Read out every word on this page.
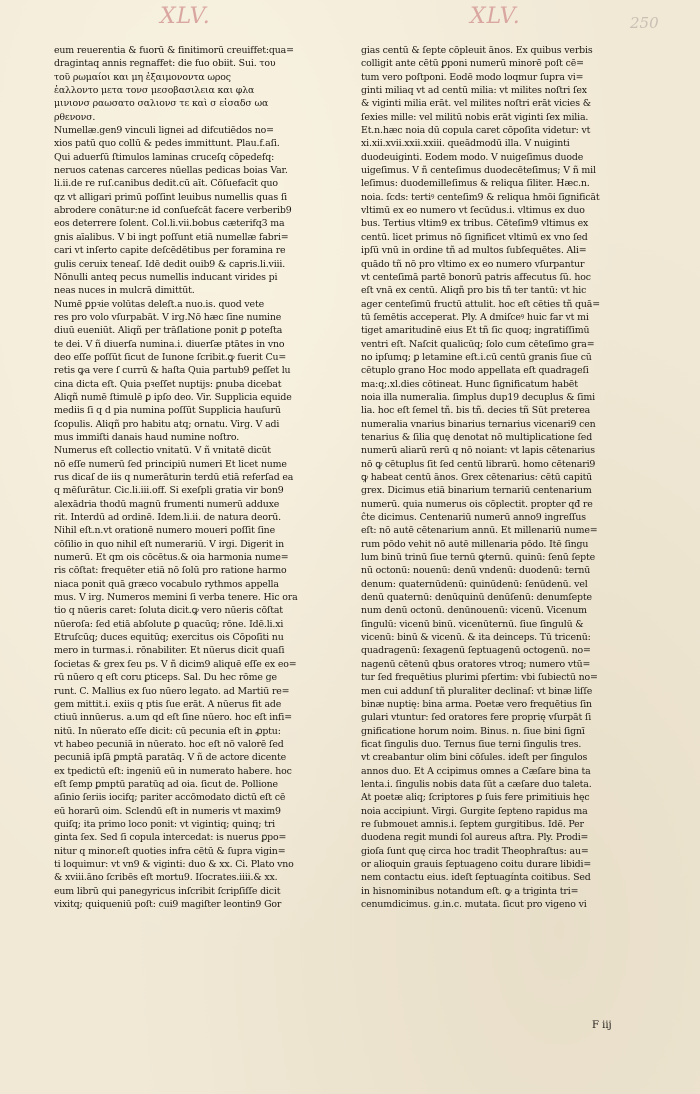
XLV.	XLV.	250
eum reuerentia & fuorū & finitimorū creuiffet:qua=
dragintaq annis regnaffet: die fuo obiit. Sui. του
τοῦ ρωμαίοι και μη ἐξαιμονοντα ωρος
ἐαλλοντο μετα τονσ μεσοβασιλεια και φλα
μινιονσ ραωσατο σαλιονσ τε καὶ σ εἰσαδσ ωα
ρθενονσ.
Numellæ.gen9 vinculi lignei ad difcutiēdos no=
xios patū quo collū & pedes immittunt. Plau.f.aſi.
Qui aduerſū ſtimulos laminas cruceſq cōpedefq:
neruos catenas carceres nūellas pedicas boias Var.
li.ii.de re ruſ.canibus dedit.cū aīt. Cōſuefacīt quo
qz vt alligari primū poſſint leuibus numellis quas ſi
abrodere conātur:ne id conſuefcāt facere verberib9
eos deterrere ſolent. Col.li.vii.bobus cæterifq3 ma
gnis aīalibus. V bi ingt poſſunt etiā numellæ fabri=
cari vt inſerto capite deſcēdētibus per foramina re
gulis ceruix teneaſ. Idē dedit ouib9 & capris.li.viii.
Nōnulli anteq pecus numellis inducant virides pi
neas nuces in mulcrā dimittūt.
Numē ꝑpꝛie volūtas deleſt.a nuo.is. quod vete
res pro volo vſurpabāt. V irg.Nō hæc ſine numine
diuū eueniūt. Aliqñ per trāſlatione ponit ꝑ poteſta
te dei. V ñ diuerſa numina.i. diuerſæ ptātes in vno
deo eſſe poſſūt ſicut de Iunone ſcribit.ꝙ fuerit Cu=
retis ꝙa vere ſ currū & haſta Quia partub9 ꝑeſſet lu
cina dicta eſt. Quia pꝛeſſet nuptijs: ꝑnuba dicebat
Aliqñ numē ſtimulē ꝑ ipſo deo. Vir. Supplicia equide
mediis ſi q d pia numina poſſūt Supplicia hauſurū
ſcopulis. Aliqñ pro habitu atq; ornatu. Virg. V adi
mus immiſti danais haud numine noſtro.
Numerus eſt collectio vnitatū. V ñ vnitatē dicūt
nō eſſe numerū ſed principiū numeri Et licet nume
rus dicaſ de iis q numerāturin terdū etiā referſad ea
q mēſurātur. Cic.li.iii.off. Si exeſpli gratia vir bon9
alexādria thodū magnū frumenti numerū adduxe
rit. Interdū ad ordinē. Idem.li.ii. de natura deorū.
Nihil eſt.n.vt orationē numero moueri poſſit ſine
cōſilio in quo nihil eſt numerariū. V irgi. Digerit in
numerū. Et qm ois cōcētus.& oia harmonia nume=
ris cōſtat: frequēter etiā nō ſolū pro ratione harmo
niaca ponit quā græco vocabulo rythmos appella
mus. V irg. Numeros memini ſi verba tenere. Hic ora
tio q nūeris caret: ſoluta dicit.ꝙ vero nūeris cōſtat
nūeroſa: ſed etiā abſolute ꝑ quacūq; rōne. Idē.li.xi
Etruſcūq; duces equitūq; exercitus ois Cōpoſiti nu
mero in turmas.i. rōnabiliter. Et nūerus dicit quaſi
ſocietas & grex ſeu ps. V ñ dicim9 aliquē eſſe ex eo=
rū nūero q eſt coru ꝑticeps. Sal. Du hec rōme ge
runt. C. Mallius ex ſuo nūero legato. ad Martiū re=
gem mittit.i. exiis q ptis ſue erāt. A nūerus fit ade
ctiuū innūerus. a.um qd eſt ſine nūero. hoc eſt infi=
nitū. In nūerato eſſe dicit: cū pecunia eſt in ꝓptu:
vt habeo pecuniā in nūerato. hoc eſt nō valorē ſed
pecuniā ipſā ꝑmptā paratāq. V ñ de actore dicente
ex tpedictū eſt: ingeniū eū in numerato habere. hoc
eſt ſemp ꝑmptū paratūq ad oia. ſicut de. Pollione
aſinio ſeriis iocifq; pariter accōmodato dictū eſt cē
eū horarū oim. Sclendū eſt in numeris vt maxim9
quiſq; ita primo loco ponit: vt vigintiq; quinq; tri
ginta ſex. Sed ſi copula intercedat: is nuerus ꝑpo=
nitur q minor.eſt quoties infra cētū & ſupra vigin=
ti loquimur: vt vn9 & viginti: duo & xx. Ci. Plato vno
& xviii.āno ſcribēs eſt mortu9. Iſocrates.iiii.& xx.
eum librū qui panegyricus inſcribit ſcripſiſſe dicit
vixitq; quiqueniū poſt: cui9 magiſter leontin9 Gor
gias centū & ſepte cōpleuit ānos. Ex quibus verbis
colligit ante cētū ꝑponi numerū minorē poſt cē=
tum vero poſtponi. Eodē modo loqmur ſupra vi=
ginti miliaq vt ad centū milia: vt milites noſtri ſex
& viginti milia erāt. vel milites noſtri erāt vicies &
ſexies mille: vel militū nobis erāt viginti ſex milia.
Et.n.hæc noia dū copula caret cōpoſita videtur: vt
xi.xii.xvii.xxii.xxiii. queādmodū illa. V nuiginti
duodeuiginti. Eodem modo. V nuigeſimus duode
uigeſimus. V ñ centeſimus duodecēteſimus; V ñ mil
leſimus: duodemilleſimus & reliqua ſiliter. Hæc.n.
noia. ſcds: tertiꝰ centeſim9 & reliqua hmōi ſignificāt
vltimū ex eo numero vt ſecūdus.i. vltimus ex duo
bus. Tertius vltim9 ex tribus. Cēteſim9 vltimus ex
centū. licet primus nō ſignificet vltimū ex vno ſed
ipſū vnū in ordine tñ ad multos ſubſequētes. Ali=
quādo tñ nō pro vltimo ex eo numero vſurpantur
vt centeſimā partē bonorū patris affecutus ſū. hoc
eſt vnā ex centū. Aliqñ pro bis tñ ter tantū: vt hic
ager centeſimū fructū attulit. hoc eſt cēties tñ quā=
tū ſemētis acceperat. Ply. A dmiſceꝰ huic far vt mi
tiget amaritudinē eius Et tñ ſic quoq; ingratiſſimū
ventri eſt. Naſcit qualicūq; ſolo cum cēteſimo gra=
no ipſumq; ꝑ letamine eſt.i.cū centū granis ſiue cū
cētuplo grano Hoc modo appellata eſt quadrageſi
ma:q;.xl.dies cōtineat. Hunc ſignificatum habēt
noia illa numeralia. ſimplus dup19 decuplus & ſimi
lia. hoc eſt ſemel tñ. bis tñ. decies tñ Sūt preterea
numeralia vnarius binarius ternarius vicenari9 cen
tenarius & ſilia quę denotat nō multiplicatione ſed
numerū aliarū rerū q nō noiant: vt lapis cētenarius
nō ꝙ cētuplus ſit ſed centū librarū. homo cētenari9
ꝙ habeat centū ānos. Grex cētenarius: cētū capitū
grex. Dicimus etiā binarium ternariū centenarium
numerū. quia numerus ois cōplectit. propter qđ re
ĉte dicimus. Centenariū numerū anno9 ingreſſus
eſt: nō autē cētenarium annū. Et millenariū nume=
rum pōdo vehit nō autē millenaria pōdo. Itē ſingu
lum binū trinū ſiue ternū ꝙternū. quinū: ſenū ſepte
nū octonū: nouenū: denū vndenū: duodenū: ternū
denum: quaternūdenū: quinūdenū: ſenūdenū. vel
denū quaternū: denūquinū denūſenū: denumſepte
num denū octonū. denūnouenū: vicenū. Vicenum
ſingulū: vicenū binū. vicenūternū. ſiue ſingulū &
vicenū: binū & vicenū. & ita deinceps. Tū tricenū:
quadragenū: ſexagenū ſeptuagenū octogenū. no=
nagenū cētenū qbus oratores vtroq; numero vtū=
tur ſed frequētius plurimi pſertim: vbi ſubiectū no=
men cui addunſ tñ pluraliter declinaſ: vt binæ liſſe
binæ nuptię: bina arma. Poetæ vero frequētius ſin
gulari vtuntur: ſed oratores fere proprię vſurpāt ſi
gnificatione horum noim. Binus. n. ſiue bini ſignī
ficat ſingulis duo. Ternus ſiue terni ſingulis tres.
vt creabantur olim bini cōſules. ideſt per ſingulos
annos duo. Et A ccipimus omnes a Cæſare bina ta
lenta.i. ſingulis nobis data ſūt a cæſare duo taleta.
At poetæ aliq; ſcriptores ꝑ ſuis fere primitiuis hęc
noia accipiunt. Virgi. Gurgite ſepteno rapidus ma
re ſubmouet amnis.i. ſeptem gurgitibus. Idē. Per
duodena regit mundi ſol aureus aſtra. Ply. Prodi=
gioſa ſunt quę circa hoc tradit Theophraſtus: au=
or alioquin grauis ſeptuageno coitu durare libidi=
nem contactu eius. ideſt ſeptuagínta coitibus. Sed
in hisnominibus notandum eſt. ꝙ a triginta tri=
cenumdicimus. g.in.c. mutata. ſicut pro vigeno vi
F iij
